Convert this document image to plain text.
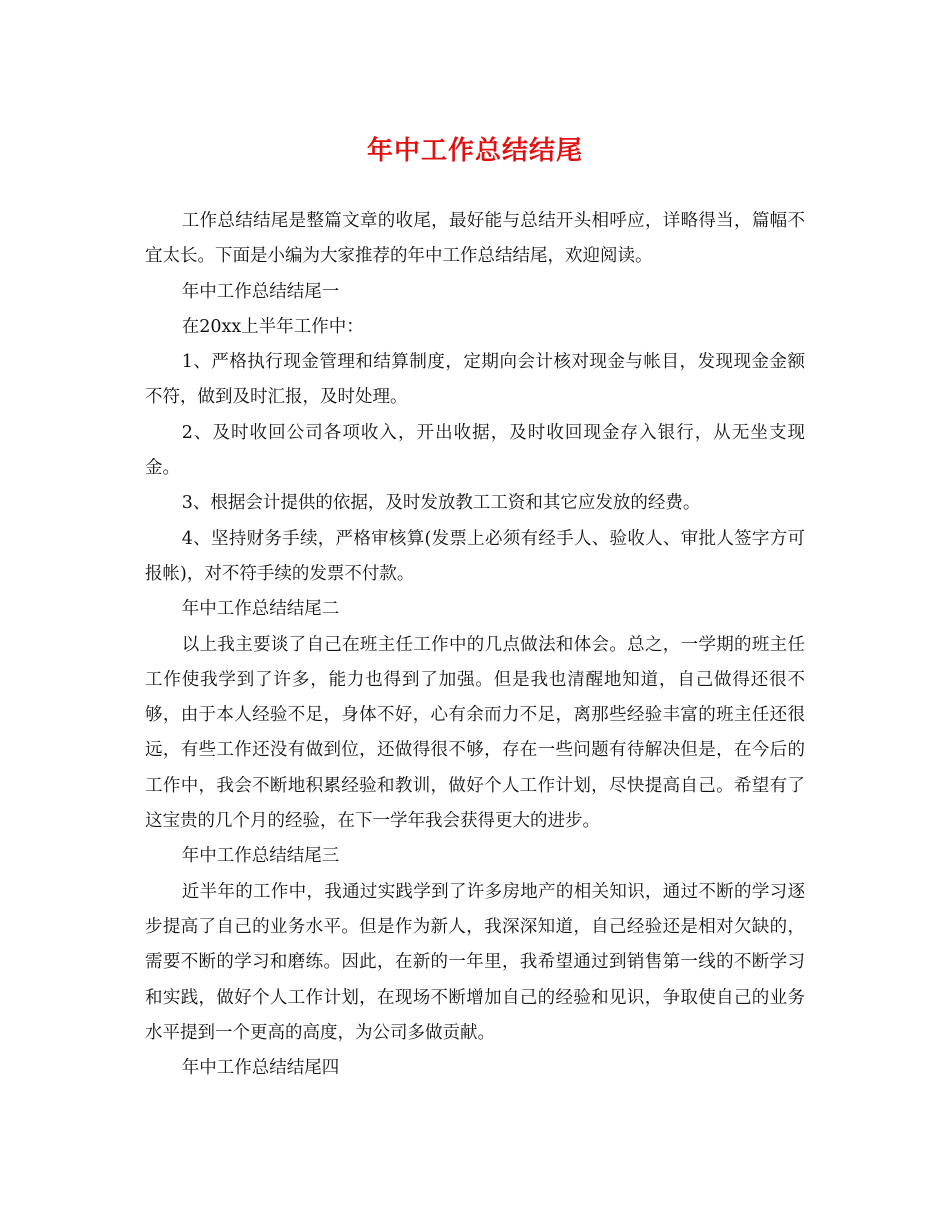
年中工作总结结尾

工作总结结尾是整篇文章的收尾，最好能与总结开头相呼应，详略得当，篇幅不宜太长。下面是小编为大家推荐的年中工作总结结尾，欢迎阅读。

年中工作总结结尾一

在20xx上半年工作中：

1、严格执行现金管理和结算制度，定期向会计核对现金与帐目，发现现金金额不符，做到及时汇报，及时处理。

2、及时收回公司各项收入，开出收据，及时收回现金存入银行，从无坐支现金。

3、根据会计提供的依据，及时发放教工工资和其它应发放的经费。

4、坚持财务手续，严格审核算(发票上必须有经手人、验收人、审批人签字方可报帐)，对不符手续的发票不付款。

年中工作总结结尾二

以上我主要谈了自己在班主任工作中的几点做法和体会。总之，一学期的班主任工作使我学到了许多，能力也得到了加强。但是我也清醒地知道，自己做得还很不够，由于本人经验不足，身体不好，心有余而力不足，离那些经验丰富的班主任还很远，有些工作还没有做到位，还做得很不够，存在一些问题有待解决但是，在今后的工作中，我会不断地积累经验和教训，做好个人工作计划，尽快提高自己。希望有了这宝贵的几个月的经验，在下一学年我会获得更大的进步。

年中工作总结结尾三

近半年的工作中，我通过实践学到了许多房地产的相关知识，通过不断的学习逐步提高了自己的业务水平。但是作为新人，我深深知道，自己经验还是相对欠缺的，需要不断的学习和磨练。因此，在新的一年里，我希望通过到销售第一线的不断学习和实践，做好个人工作计划，在现场不断增加自己的经验和见识，争取使自己的业务水平提到一个更高的高度，为公司多做贡献。

年中工作总结结尾四
